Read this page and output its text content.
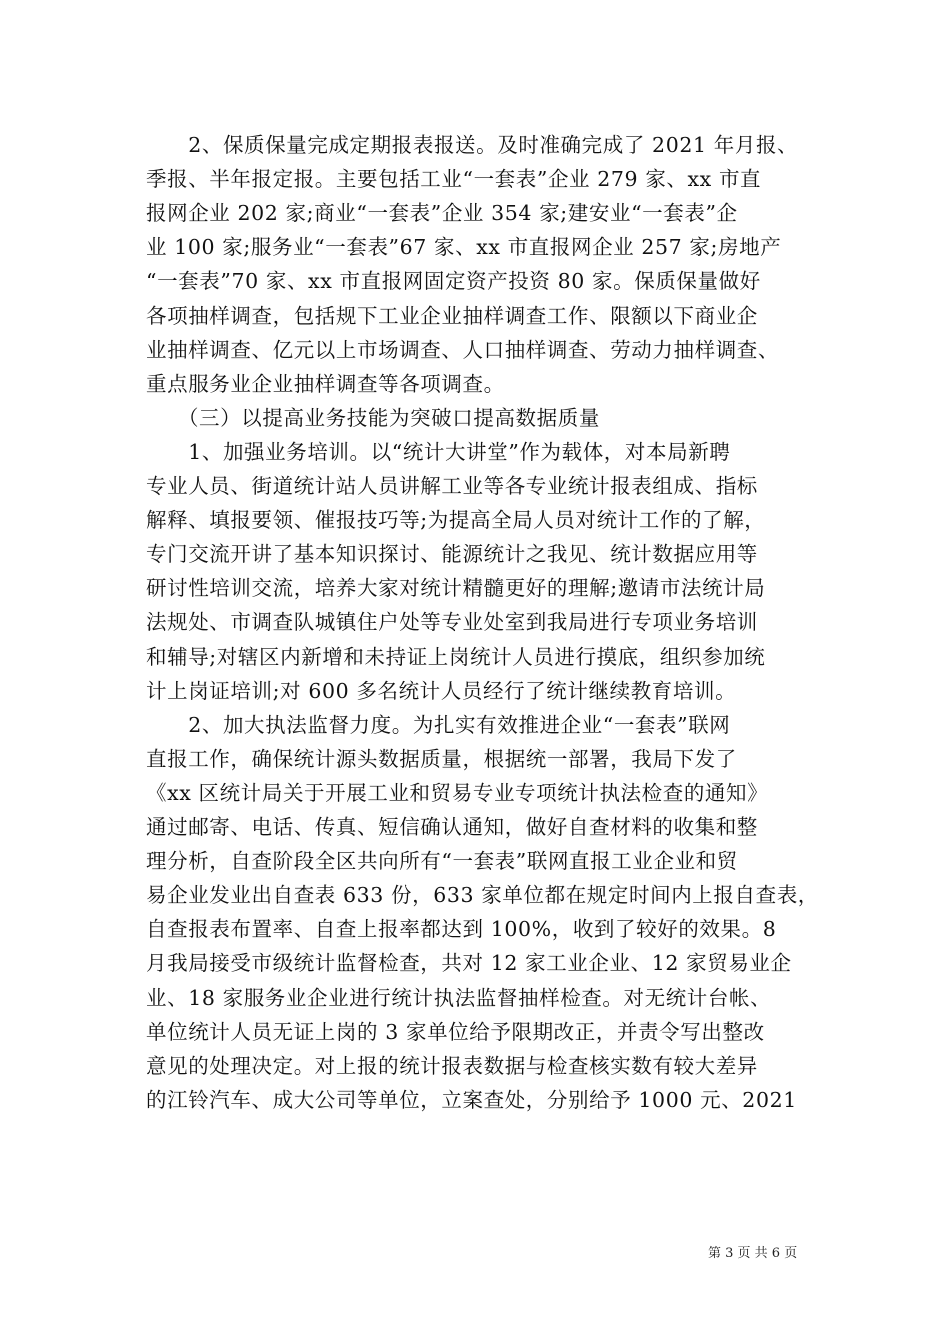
　　2、保质保量完成定期报表报送。及时准确完成了 2021 年月报、
季报、半年报定报。主要包括工业“一套表”企业 279 家、xx 市直
报网企业 202 家;商业“一套表”企业 354 家;建安业“一套表”企
业 100 家;服务业“一套表”67 家、xx 市直报网企业 257 家;房地产
“一套表”70 家、xx 市直报网固定资产投资 80 家。保质保量做好
各项抽样调查，包括规下工业企业抽样调查工作、限额以下商业企
业抽样调查、亿元以上市场调查、人口抽样调查、劳动力抽样调查、
重点服务业企业抽样调查等各项调查。
　　（三）以提高业务技能为突破口提高数据质量
　　1、加强业务培训。以“统计大讲堂”作为载体，对本局新聘
专业人员、街道统计站人员讲解工业等各专业统计报表组成、指标
解释、填报要领、催报技巧等;为提高全局人员对统计工作的了解，
专门交流开讲了基本知识探讨、能源统计之我见、统计数据应用等
研讨性培训交流，培养大家对统计精髓更好的理解;邀请市法统计局
法规处、市调查队城镇住户处等专业处室到我局进行专项业务培训
和辅导;对辖区内新增和未持证上岗统计人员进行摸底，组织参加统
计上岗证培训;对 600 多名统计人员经行了统计继续教育培训。
　　2、加大执法监督力度。为扎实有效推进企业“一套表”联网
直报工作，确保统计源头数据质量，根据统一部署，我局下发了
《xx 区统计局关于开展工业和贸易专业专项统计执法检查的通知》
通过邮寄、电话、传真、短信确认通知，做好自查材料的收集和整
理分析，自查阶段全区共向所有“一套表”联网直报工业企业和贸
易企业发业出自查表 633 份，633 家单位都在规定时间内上报自查表，
自查报表布置率、自查上报率都达到 100%，收到了较好的效果。8
月我局接受市级统计监督检查，共对 12 家工业企业、12 家贸易业企
业、18 家服务业企业进行统计执法监督抽样检查。对无统计台帐、
单位统计人员无证上岗的 3 家单位给予限期改正，并责令写出整改
意见的处理决定。对上报的统计报表数据与检查核实数有较大差异
的江铃汽车、成大公司等单位，立案查处，分别给予 1000 元、2021
第 3 页 共 6 页
